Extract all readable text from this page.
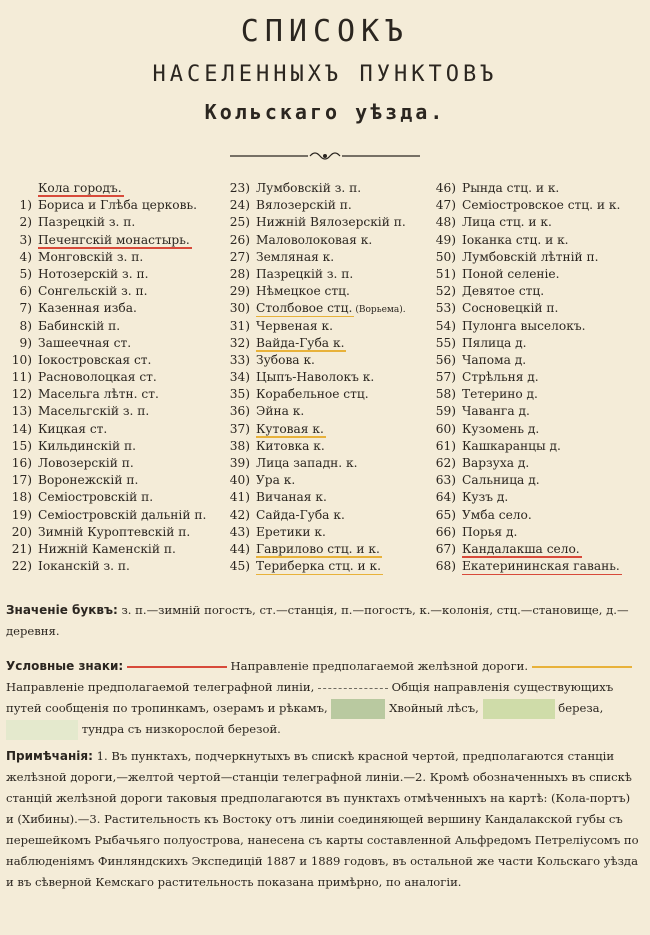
СПИСОКЪ
НАСЕЛЕННЫХЪ ПУНКТОВЪ
Кольскаго уѣзда.
Кола городъ.
1) Бориса и Глѣба церковь.
2) Пазрецкiй з. п.
3) Печенгскiй монастырь.
4) Монговскiй з. п.
5) Нотозерскiй з. п.
6) Сонгельскiй з. п.
7) Казенная изба.
8) Бабинскiй п.
9) Зашеечная ст.
10) Iокостровская ст.
11) Расноволоцкая ст.
12) Масельга лѣтн. ст.
13) Масельгскiй з. п.
14) Кицкая ст.
15) Кильдинскiй п.
16) Ловозерскiй п.
17) Воронежскiй п.
18) Семiостровскiй п.
19) Семiостровскiй дальнiй п.
20) Зимнiй Куроптевскiй п.
21) Нижнiй Каменскiй п.
22) Iоканскiй з. п.
23) Лумбовскiй з. п.
24) Вялозерскiй п.
25) Нижнiй Вялозерскiй п.
26) Маловолоковая к.
27) Земляная к.
28) Пазрецкiй з. п.
29) Нѣмецкое стц.
30) Столбовое стц. (Ворьема).
31) Червеная к.
32) Вайда-Губа к.
33) Зубова к.
34) Цыпъ-Наволокъ к.
35) Корабельное стц.
36) Эйна к.
37) Кутовая к.
38) Китовка к.
39) Лица западн. к.
40) Ура к.
41) Вичаная к.
42) Сайда-Губа к.
43) Еретики к.
44) Гаврилово стц. и к.
45) Териберка стц. и к.
46) Рында стц. и к.
47) Семiостровское стц. и к.
48) Лица стц. и к.
49) Iоканка стц. и к.
50) Лумбовскiй лѣтнiй п.
51) Поной селенiе.
52) Девятое стц.
53) Сосновецкiй п.
54) Пулонга выселокъ.
55) Пялица д.
56) Чапома д.
57) Стрѣльня д.
58) Тетерино д.
59) Чаванга д.
60) Кузомень д.
61) Кашкаранцы д.
62) Варзуха д.
63) Сальница д.
64) Кузъ д.
65) Умба село.
66) Порья д.
67) Кандалакша село.
68) Екатерининская гавань.
Значенiе буквъ: з. п.—зимнiй погостъ, ст.—станцiя, п.—погостъ, к.—колонiя, стц.—становище, д.—деревня.
Условные знаки:	Направленiе предполагаемой желѣзной дороги.  Направленiе предполагаемой телеграфной линiи,	Общiя направленiя существующихъ путей сообщенiя по тропинкамъ, озерамъ и рѣкамъ,	Хвойный лѣсъ,	береза,  тундра съ низкорослой березой.
Примѣчанiя: 1. Въ пунктахъ, подчеркнутыхъ въ спискѣ красной чертой, предполагаются станцiи желѣзной дороги,—желтой чертой—станцiи телеграфной линiи.—2. Кромѣ обозначенныхъ въ спискѣ станцiй желѣзной дороги таковыя предполагаются въ пунктахъ отмѣченныхъ на картѣ: (Кола-портъ) и (Хибины).—3. Растительность къ Востоку отъ линiи соединяющей вершину Кандалакской губы съ перешейкомъ Рыбачьяго полуострова, нанесена съ карты составленной Альфредомъ Петрелiусомъ по наблюденiямъ Финляндскихъ Экспедицiй 1887 и 1889 годовъ, въ остальной же части Кольскаго уѣзда и въ сѣверной Кемскаго растительность показана примѣрно, по аналогiи.
